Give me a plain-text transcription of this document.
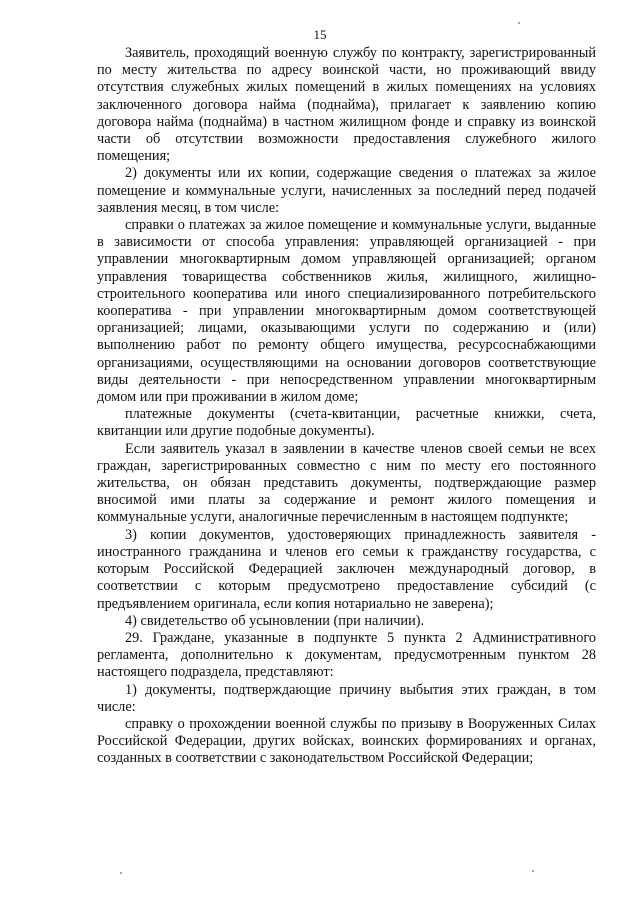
15

Заявитель, проходящий военную службу по контракту, зарегистрированный по месту жительства по адресу воинской части, но проживающий ввиду отсутствия служебных жилых помещений в жилых помещениях на условиях заключенного договора найма (поднайма), прилагает к заявлению копию договора найма (поднайма) в частном жилищном фонде и справку из воинской части об отсутствии возможности предоставления служебного жилого помещения;

2) документы или их копии, содержащие сведения о платежах за жилое помещение и коммунальные услуги, начисленных за последний перед подачей заявления месяц, в том числе:

справки о платежах за жилое помещение и коммунальные услуги, выданные в зависимости от способа управления: управляющей организацией - при управлении многоквартирным домом управляющей организацией; органом управления товарищества собственников жилья, жилищного, жилищно-строительного кооператива или иного специализированного потребительского кооператива - при управлении многоквартирным домом соответствующей организацией; лицами, оказывающими услуги по содержанию и (или) выполнению работ по ремонту общего имущества, ресурсоснабжающими организациями, осуществляющими на основании договоров соответствующие виды деятельности - при непосредственном управлении многоквартирным домом или при проживании в жилом доме;

платежные документы (счета-квитанции, расчетные книжки, счета, квитанции или другие подобные документы).

Если заявитель указал в заявлении в качестве членов своей семьи не всех граждан, зарегистрированных совместно с ним по месту его постоянного жительства, он обязан представить документы, подтверждающие размер вносимой ими платы за содержание и ремонт жилого помещения и коммунальные услуги, аналогичные перечисленным в настоящем подпункте;

3) копии документов, удостоверяющих принадлежность заявителя - иностранного гражданина и членов его семьи к гражданству государства, с которым Российской Федерацией заключен международный договор, в соответствии с которым предусмотрено предоставление субсидий (с предъявлением оригинала, если копия нотариально не заверена);

4) свидетельство об усыновлении (при наличии).

29. Граждане, указанные в подпункте 5 пункта 2 Административного регламента, дополнительно к документам, предусмотренным пунктом 28 настоящего подраздела, представляют:

1) документы, подтверждающие причину выбытия этих граждан, в том числе:

справку о прохождении военной службы по призыву в Вооруженных Силах Российской Федерации, других войсках, воинских формированиях и органах, созданных в соответствии с законодательством Российской Федерации;
